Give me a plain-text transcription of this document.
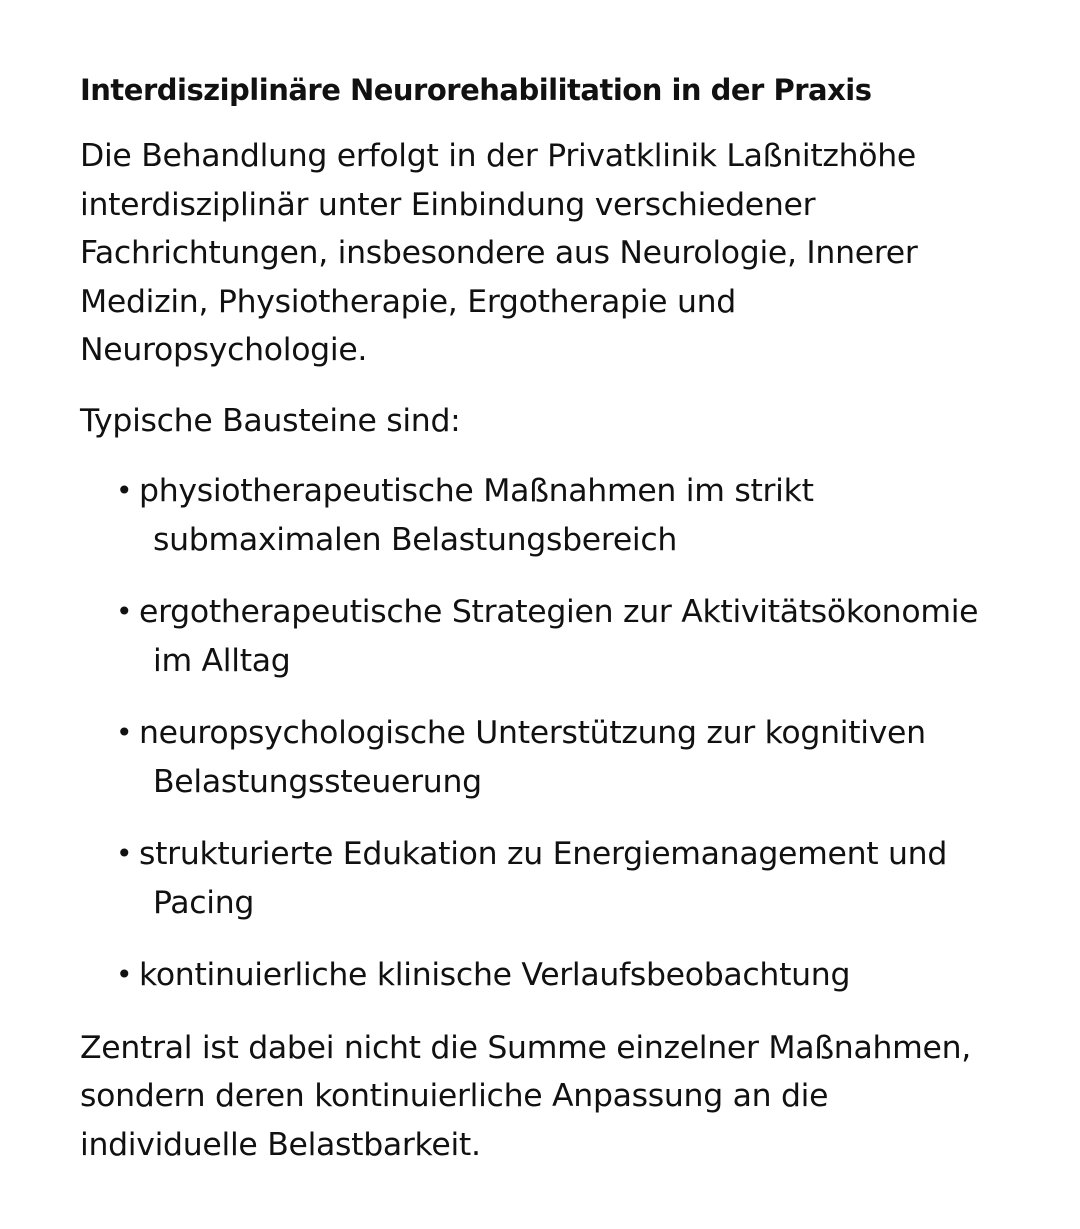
Interdisziplinäre Neurorehabilitation in der Praxis

Die Behandlung erfolgt in der Privatklinik Laßnitzhöhe
interdisziplinär unter Einbindung verschiedener
Fachrichtungen, insbesondere aus Neurologie, Innerer
Medizin, Physiotherapie, Ergotherapie und
Neuropsychologie.

Typische Bausteine sind:

• physiotherapeutische Maßnahmen im strikt
submaximalen Belastungsbereich
• ergotherapeutische Strategien zur Aktivitätsökonomie
im Alltag
• neuropsychologische Unterstützung zur kognitiven
Belastungssteuerung
• strukturierte Edukation zu Energiemanagement und
Pacing
• kontinuierliche klinische Verlaufsbeobachtung

Zentral ist dabei nicht die Summe einzelner Maßnahmen,
sondern deren kontinuierliche Anpassung an die
individuelle Belastbarkeit.
